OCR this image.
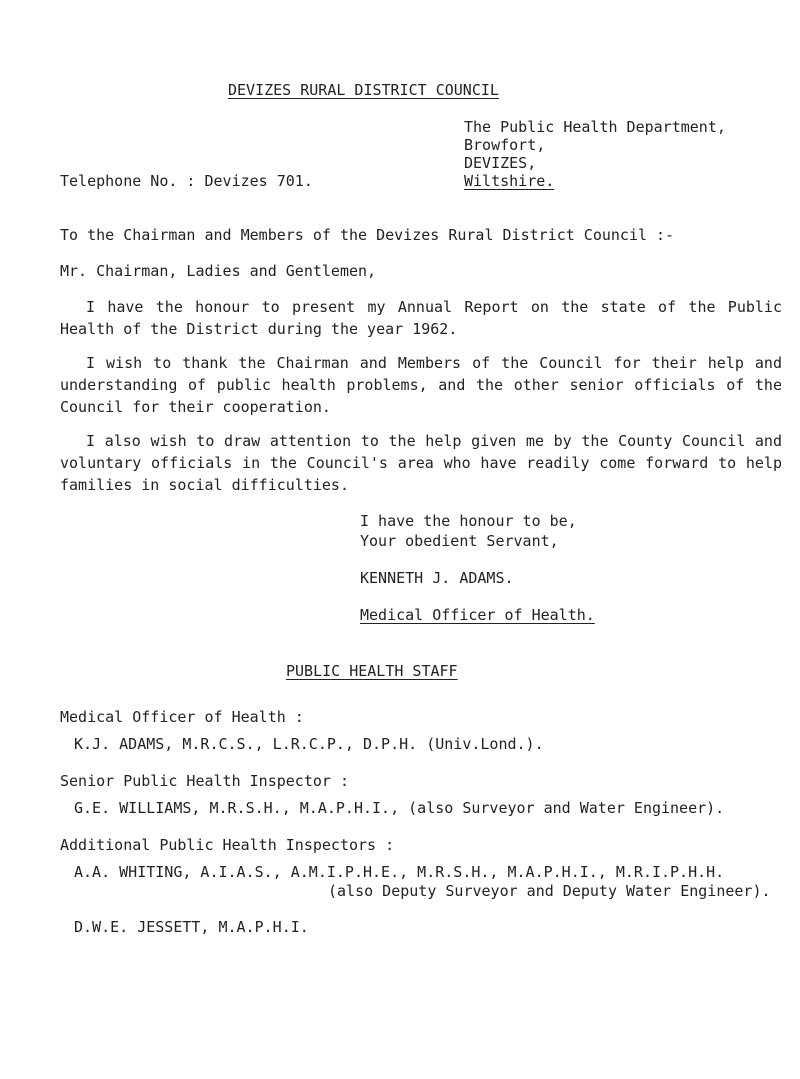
DEVIZES RURAL DISTRICT COUNCIL
The Public Health Department,
Browfort,
DEVIZES,
Wiltshire.
Telephone No. : Devizes 701.
To the Chairman and Members of the Devizes Rural District Council :-
Mr. Chairman, Ladies and Gentlemen,
I have the honour to present my Annual Report on the state of the Public Health of the District during the year 1962.
I wish to thank the Chairman and Members of the Council for their help and understanding of public health problems, and the other senior officials of the Council for their cooperation.
I also wish to draw attention to the help given me by the County Council and voluntary officials in the Council's area who have readily come forward to help families in social difficulties.
I have the honour to be,
Your obedient Servant,
KENNETH J. ADAMS.
Medical Officer of Health.
PUBLIC HEALTH STAFF
Medical Officer of Health :
K.J. ADAMS, M.R.C.S., L.R.C.P., D.P.H. (Univ.Lond.).
Senior Public Health Inspector :
G.E. WILLIAMS, M.R.S.H., M.A.P.H.I., (also Surveyor and Water Engineer).
Additional Public Health Inspectors :
A.A. WHITING, A.I.A.S., A.M.I.P.H.E., M.R.S.H., M.A.P.H.I., M.R.I.P.H.H.
(also Deputy Surveyor and Deputy Water Engineer).
D.W.E. JESSETT, M.A.P.H.I.
